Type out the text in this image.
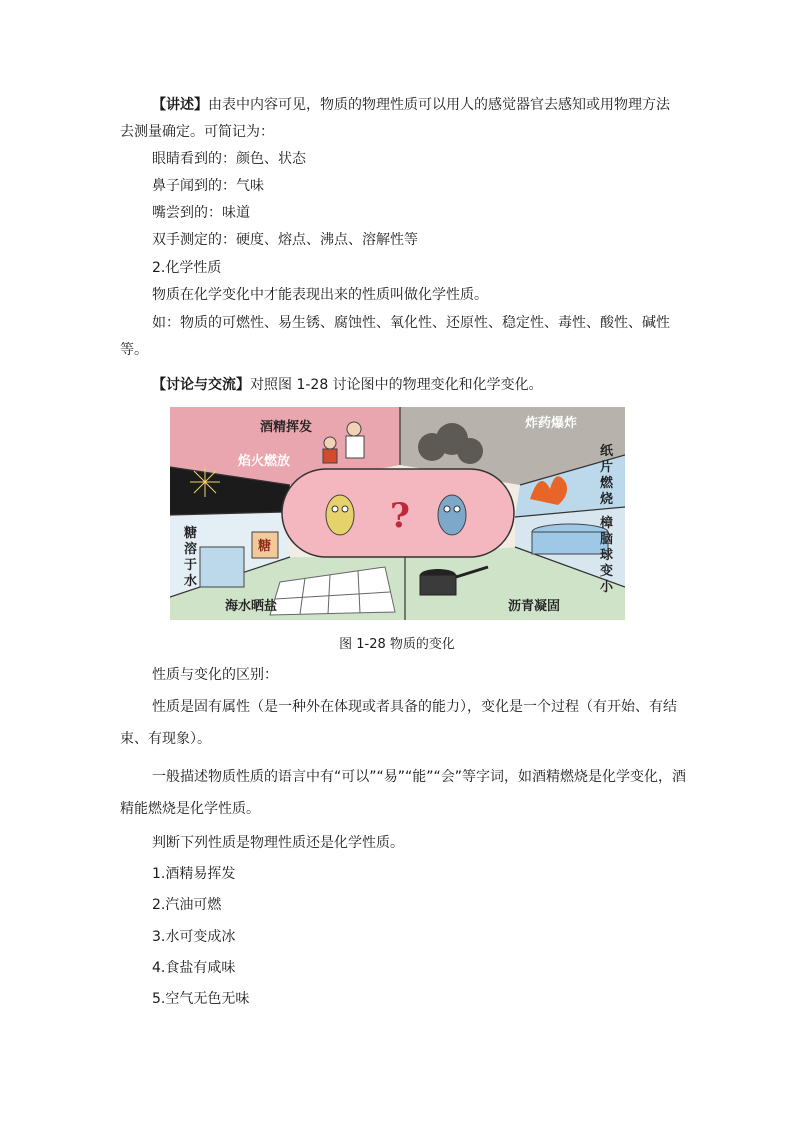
【讲述】由表中内容可见，物质的物理性质可以用人的感觉器官去感知或用物理方法
去测量确定。可简记为：
眼睛看到的：颜色、状态
鼻子闻到的：气味
嘴尝到的：味道
双手测定的：硬度、熔点、沸点、溶解性等
2.化学性质
物质在化学变化中才能表现出来的性质叫做化学性质。
如：物质的可燃性、易生锈、腐蚀性、氧化性、还原性、稳定性、毒性、酸性、碱性
等。
【讨论与交流】对照图 1-28 讨论图中的物理变化和化学变化。
酒精挥发	炸药爆炸
焰火燃放
纸
片
燃
烧
糖
溶
于
水
糖
樟
脑
球
变
小
海水晒盐	沥青凝固
?
图 1-28 物质的变化
性质与变化的区别：
性质是固有属性（是一种外在体现或者具备的能力），变化是一个过程（有开始、有结
束、有现象）。
一般描述物质性质的语言中有“可以”“易”“能”“会”等字词，如酒精燃烧是化学变化，酒
精能燃烧是化学性质。
判断下列性质是物理性质还是化学性质。
1.酒精易挥发
2.汽油可燃
3.水可变成冰
4.食盐有咸味
5.空气无色无味
